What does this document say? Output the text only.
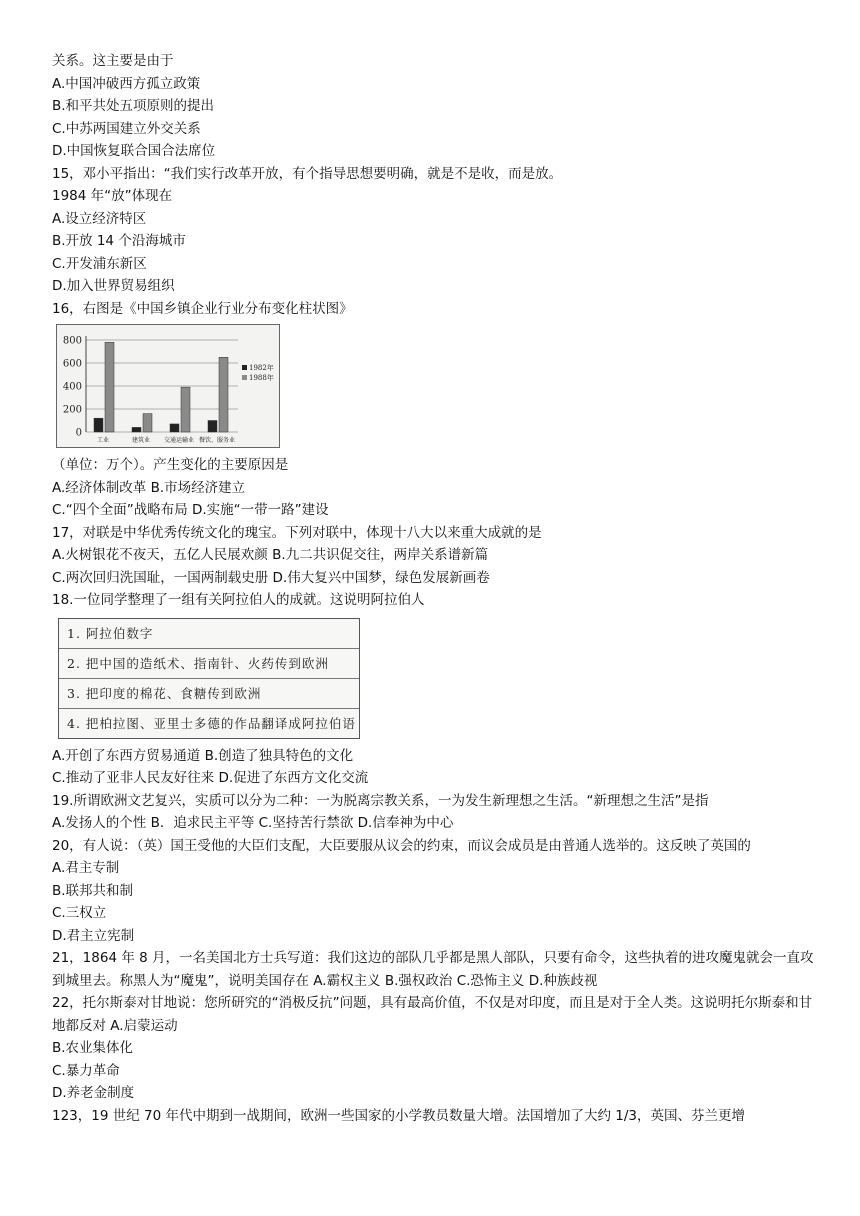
关系。这主要是由于
A.中国冲破西方孤立政策
B.和平共处五项原则的提出
C.中苏两国建立外交关系
D.中国恢复联合国合法席位
15，邓小平指出：“我们实行改革开放，有个指导思想要明确，就是不是收，而是放。
1984 年“放”体现在
A.设立经济特区
B.开放 14 个沿海城市
C.开发浦东新区
D.加入世界贸易组织
16，右图是《中国乡镇企业行业分布变化柱状图》
800
600
400
200
0
工业	建筑业 交通运输业 餐饮、服务业
1982年
1988年
（单位：万个）。产生变化的主要原因是
A.经济体制改革 B.市场经济建立
C.“四个全面”战略布局 D.实施“一带一路”建设
17，对联是中华优秀传统文化的瑰宝。下列对联中，体现十八大以来重大成就的是
A.火树银花不夜天，五亿人民展欢颜 B.九二共识促交往，两岸关系谱新篇
C.两次回归洗国耻，一国两制载史册 D.伟大复兴中国梦，绿色发展新画卷
18.一位同学整理了一组有关阿拉伯人的成就。这说明阿拉伯人
1. 阿拉伯数字
2. 把中国的造纸术、指南针、火药传到欧洲
3. 把印度的棉花、食糖传到欧洲
4. 把柏拉图、亚里士多德的作品翻译成阿拉伯语
A.开创了东西方贸易通道 B.创造了独具特色的文化
C.推动了亚非人民友好往来 D.促进了东西方文化交流
19.所谓欧洲文艺复兴，实质可以分为二种：一为脱离宗教关系，一为发生新理想之生活。“新理想之生活”是指
A.发扬人的个性 B．追求民主平等 C.坚持苦行禁欲 D.信奉神为中心
20，有人说：（英）国王受他的大臣们支配，大臣要服从议会的约束，而议会成员是由普通人选举的。这反映了英国的
A.君主专制
B.联邦共和制
C.三权立
D.君主立宪制
21，1864 年 8 月，一名美国北方士兵写道：我们这边的部队几乎都是黑人部队，只要有命令，这些执着的进攻魔鬼就会一直攻到城里去。称黑人为“魔鬼”，说明美国存在 A.霸权主义 B.强权政治 C.恐怖主义 D.种族歧视
22，托尔斯泰对甘地说：您所研究的“消极反抗”问题，具有最高价值，不仅是对印度，而且是对于全人类。这说明托尔斯泰和甘地都反对 A.启蒙运动
B.农业集体化
C.暴力革命
D.养老金制度
123，19 世纪 70 年代中期到一战期间，欧洲一些国家的小学教员数量大增。法国增加了大约 1/3，英国、芬兰更增
